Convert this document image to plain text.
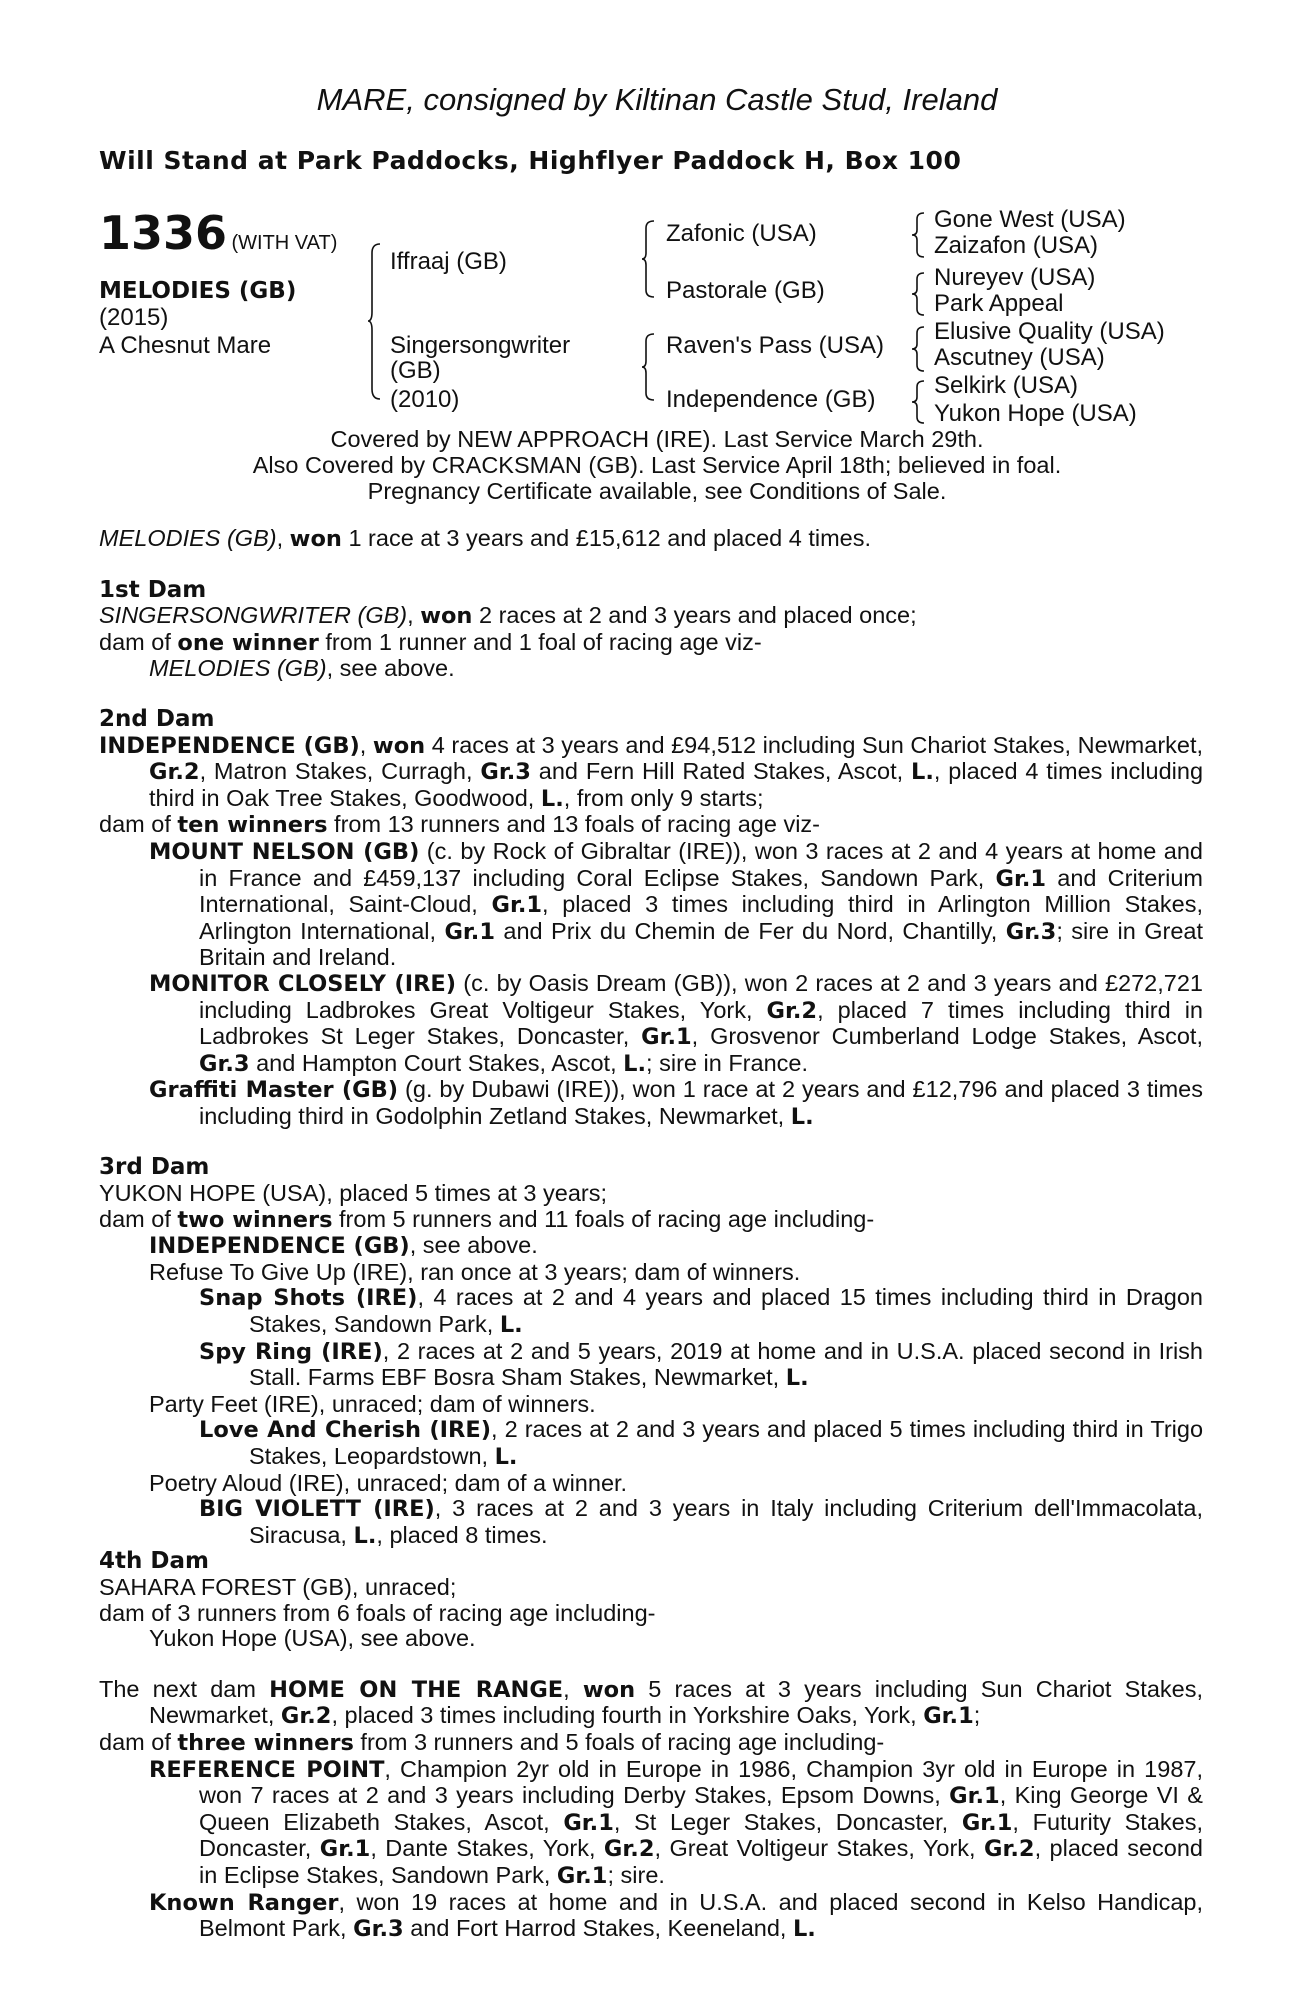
MARE, consigned by Kiltinan Castle Stud, Ireland
Will Stand at Park Paddocks, Highflyer Paddock H, Box 100
1336 (WITH VAT)
MELODIES (GB)
(2015)
A Chesnut Mare
Iffraaj (GB)
Singersongwriter
(GB)
(2010)
Zafonic (USA)
Pastorale (GB)
Raven's Pass (USA)
Independence (GB)
Gone West (USA)
Zaizafon (USA)
Nureyev (USA)
Park Appeal
Elusive Quality (USA)
Ascutney (USA)
Selkirk (USA)
Yukon Hope (USA)
Covered by NEW APPROACH (IRE). Last Service March 29th.
Also Covered by CRACKSMAN (GB). Last Service April 18th; believed in foal.
Pregnancy Certificate available, see Conditions of Sale.

MELODIES (GB), won 1 race at 3 years and £15,612 and placed 4 times.

1st Dam

SINGERSONGWRITER (GB), won 2 races at 2 and 3 years and placed once;

dam of one winner from 1 runner and 1 foal of racing age viz-

MELODIES (GB), see above.

2nd Dam

INDEPENDENCE (GB), won 4 races at 3 years and £94,512 including Sun Chariot Stakes, Newmarket, Gr.2, Matron Stakes, Curragh, Gr.3 and Fern Hill Rated Stakes, Ascot, L., placed 4 times including third in Oak Tree Stakes, Goodwood, L., from only 9 starts;

dam of ten winners from 13 runners and 13 foals of racing age viz-

MOUNT NELSON (GB) (c. by Rock of Gibraltar (IRE)), won 3 races at 2 and 4 years at home and in France and £459,137 including Coral Eclipse Stakes, Sandown Park, Gr.1 and Criterium International, Saint-Cloud, Gr.1, placed 3 times including third in Arlington Million Stakes, Arlington International, Gr.1 and Prix du Chemin de Fer du Nord, Chantilly, Gr.3; sire in Great Britain and Ireland.

MONITOR CLOSELY (IRE) (c. by Oasis Dream (GB)), won 2 races at 2 and 3 years and £272,721 including Ladbrokes Great Voltigeur Stakes, York, Gr.2, placed 7 times including third in Ladbrokes St Leger Stakes, Doncaster, Gr.1, Grosvenor Cumberland Lodge Stakes, Ascot, Gr.3 and Hampton Court Stakes, Ascot, L.; sire in France.

Graffiti Master (GB) (g. by Dubawi (IRE)), won 1 race at 2 years and £12,796 and placed 3 times including third in Godolphin Zetland Stakes, Newmarket, L.

3rd Dam

YUKON HOPE (USA), placed 5 times at 3 years;

dam of two winners from 5 runners and 11 foals of racing age including-

INDEPENDENCE (GB), see above.

Refuse To Give Up (IRE), ran once at 3 years; dam of winners.

Snap Shots (IRE), 4 races at 2 and 4 years and placed 15 times including third in Dragon Stakes, Sandown Park, L.

Spy Ring (IRE), 2 races at 2 and 5 years, 2019 at home and in U.S.A. placed second in Irish Stall. Farms EBF Bosra Sham Stakes, Newmarket, L.

Party Feet (IRE), unraced; dam of winners.

Love And Cherish (IRE), 2 races at 2 and 3 years and placed 5 times including third in Trigo Stakes, Leopardstown, L.

Poetry Aloud (IRE), unraced; dam of a winner.

BIG VIOLETT (IRE), 3 races at 2 and 3 years in Italy including Criterium dell'Immacolata, Siracusa, L., placed 8 times.

4th Dam

SAHARA FOREST (GB), unraced;

dam of 3 runners from 6 foals of racing age including-

Yukon Hope (USA), see above.

The next dam HOME ON THE RANGE, won 5 races at 3 years including Sun Chariot Stakes, Newmarket, Gr.2, placed 3 times including fourth in Yorkshire Oaks, York, Gr.1;

dam of three winners from 3 runners and 5 foals of racing age including-

REFERENCE POINT, Champion 2yr old in Europe in 1986, Champion 3yr old in Europe in 1987, won 7 races at 2 and 3 years including Derby Stakes, Epsom Downs, Gr.1, King George VI & Queen Elizabeth Stakes, Ascot, Gr.1, St Leger Stakes, Doncaster, Gr.1, Futurity Stakes, Doncaster, Gr.1, Dante Stakes, York, Gr.2, Great Voltigeur Stakes, York, Gr.2, placed second in Eclipse Stakes, Sandown Park, Gr.1; sire.

Known Ranger, won 19 races at home and in U.S.A. and placed second in Kelso Handicap, Belmont Park, Gr.3 and Fort Harrod Stakes, Keeneland, L.
